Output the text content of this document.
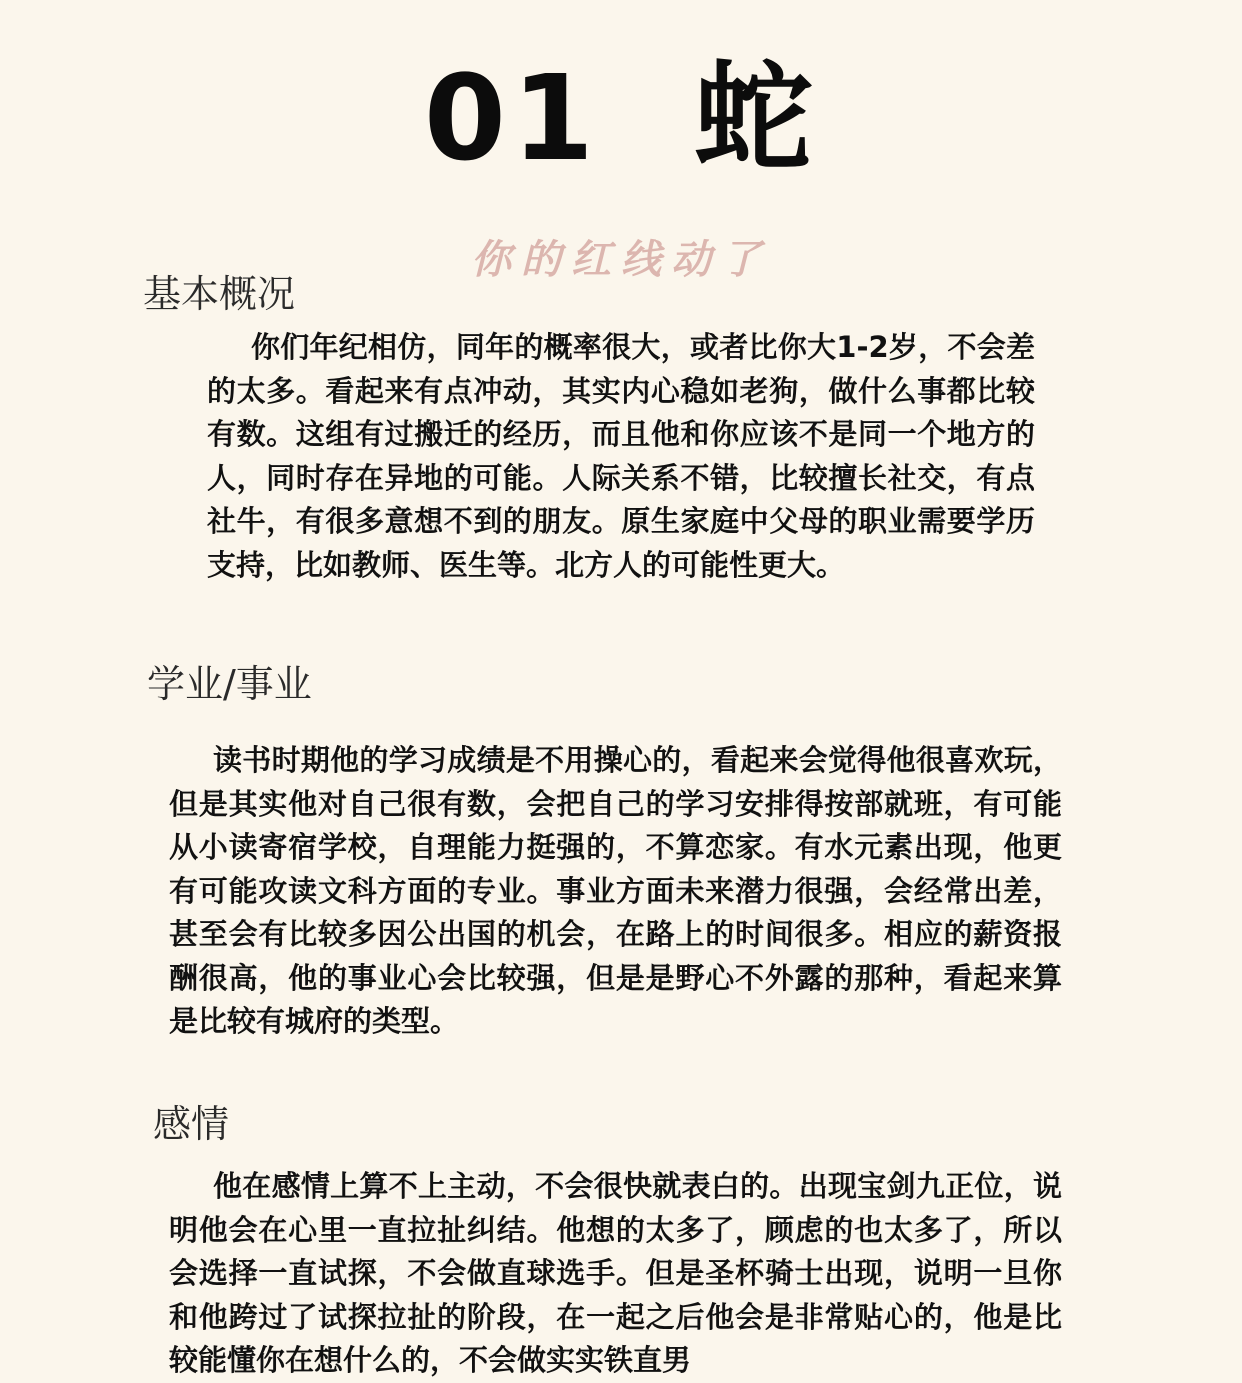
01  蛇
你的红线动了
基本概况
你们年纪相仿，同年的概率很大，或者比你大1-2岁，不会差的太多。看起来有点冲动，其实内心稳如老狗，做什么事都比较有数。这组有过搬迁的经历，而且他和你应该不是同一个地方的人，同时存在异地的可能。人际关系不错，比较擅长社交，有点社牛，有很多意想不到的朋友。原生家庭中父母的职业需要学历支持，比如教师、医生等。北方人的可能性更大。
学业/事业
读书时期他的学习成绩是不用操心的，看起来会觉得他很喜欢玩，但是其实他对自己很有数，会把自己的学习安排得按部就班，有可能从小读寄宿学校，自理能力挺强的，不算恋家。有水元素出现，他更有可能攻读文科方面的专业。事业方面未来潜力很强，会经常出差，甚至会有比较多因公出国的机会，在路上的时间很多。相应的薪资报酬很高，他的事业心会比较强，但是是野心不外露的那种，看起来算是比较有城府的类型。
感情
他在感情上算不上主动，不会很快就表白的。出现宝剑九正位，说明他会在心里一直拉扯纠结。他想的太多了，顾虑的也太多了，所以会选择一直试探，不会做直球选手。但是圣杯骑士出现，说明一旦你和他跨过了试探拉扯的阶段，在一起之后他会是非常贴心的，他是比较能懂你在想什么的，不会做实实铁直男
